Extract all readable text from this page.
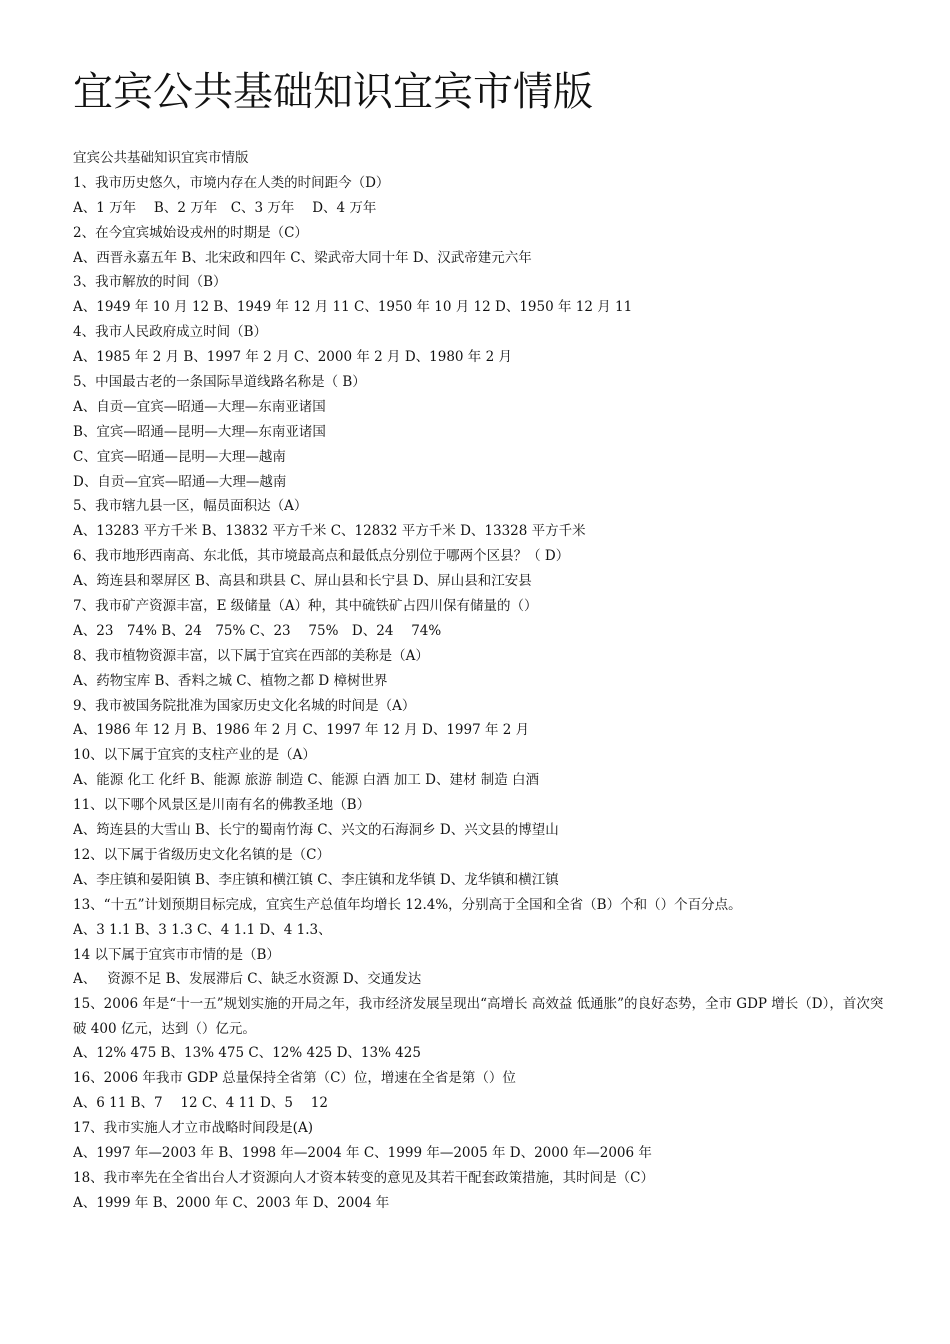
宜宾公共基础知识宜宾市情版
宜宾公共基础知识宜宾市情版
1、我市历史悠久，市境内存在人类的时间距今（D）
A、1 万年　 B、2 万年　C、3 万年　 D、4 万年
2、在今宜宾城始设戎州的时期是（C）
A、西晋永嘉五年 B、北宋政和四年 C、梁武帝大同十年 D、汉武帝建元六年
3、我市解放的时间（B）
A、1949 年 10 月 12 B、1949 年 12 月 11 C、1950 年 10 月 12 D、1950 年 12 月 11
4、我市人民政府成立时间（B）
A、1985 年 2 月 B、1997 年 2 月 C、2000 年 2 月 D、1980 年 2 月
5、中国最古老的一条国际旱道线路名称是（ B）
A、自贡—宜宾—昭通—大理—东南亚诸国
B、宜宾—昭通—昆明—大理—东南亚诸国
C、宜宾—昭通—昆明—大理—越南
D、自贡—宜宾—昭通—大理—越南
5、我市辖九县一区，幅员面积达（A）
A、13283 平方千米 B、13832 平方千米 C、12832 平方千米 D、13328 平方千米
6、我市地形西南高、东北低，其市境最高点和最低点分别位于哪两个区县？（ D）
A、筠连县和翠屏区 B、高县和珙县 C、屏山县和长宁县 D、屏山县和江安县
7、我市矿产资源丰富，E 级储量（A）种，其中硫铁矿占四川保有储量的（）
A、23　74% B、24　75% C、23　 75%　D、24　 74%
8、我市植物资源丰富，以下属于宜宾在西部的美称是（A）
A、药物宝库 B、香料之城 C、植物之都 D 樟树世界
9、我市被国务院批准为国家历史文化名城的时间是（A）
A、1986 年 12 月 B、1986 年 2 月 C、1997 年 12 月 D、1997 年 2 月
10、以下属于宜宾的支柱产业的是（A）
A、能源 化工 化纤 B、能源 旅游 制造 C、能源 白酒 加工 D、建材 制造 白酒
11、以下哪个风景区是川南有名的佛教圣地（B）
A、筠连县的大雪山 B、长宁的蜀南竹海 C、兴文的石海洞乡 D、兴文县的博望山
12、以下属于省级历史文化名镇的是（C）
A、李庄镇和晏阳镇 B、李庄镇和横江镇 C、李庄镇和龙华镇 D、龙华镇和横江镇
13、“十五”计划预期目标完成，宜宾生产总值年均增长 12.4%，分别高于全国和全省（B）个和（）个百分点。
A、3 1.1 B、3 1.3 C、4 1.1 D、4 1.3、
14 以下属于宜宾市市情的是（B）
A、　 资源不足 B、发展滞后 C、缺乏水资源 D、交通发达
15、2006 年是“十一五”规划实施的开局之年，我市经济发展呈现出“高增长 高效益 低通胀”的良好态势，全市 GDP 增长（D），首次突破 400 亿元，达到（）亿元。
A、12% 475 B、13% 475 C、12% 425 D、13% 425
16、2006 年我市 GDP 总量保持全省第（C）位，增速在全省是第（）位
A、6 11 B、7　 12 C、4 11 D、5　 12
17、我市实施人才立市战略时间段是(A)
A、1997 年—2003 年 B、1998 年—2004 年 C、1999 年—2005 年 D、2000 年—2006 年
18、我市率先在全省出台人才资源向人才资本转变的意见及其若干配套政策措施，其时间是（C）
A、1999 年 B、2000 年 C、2003 年 D、2004 年
